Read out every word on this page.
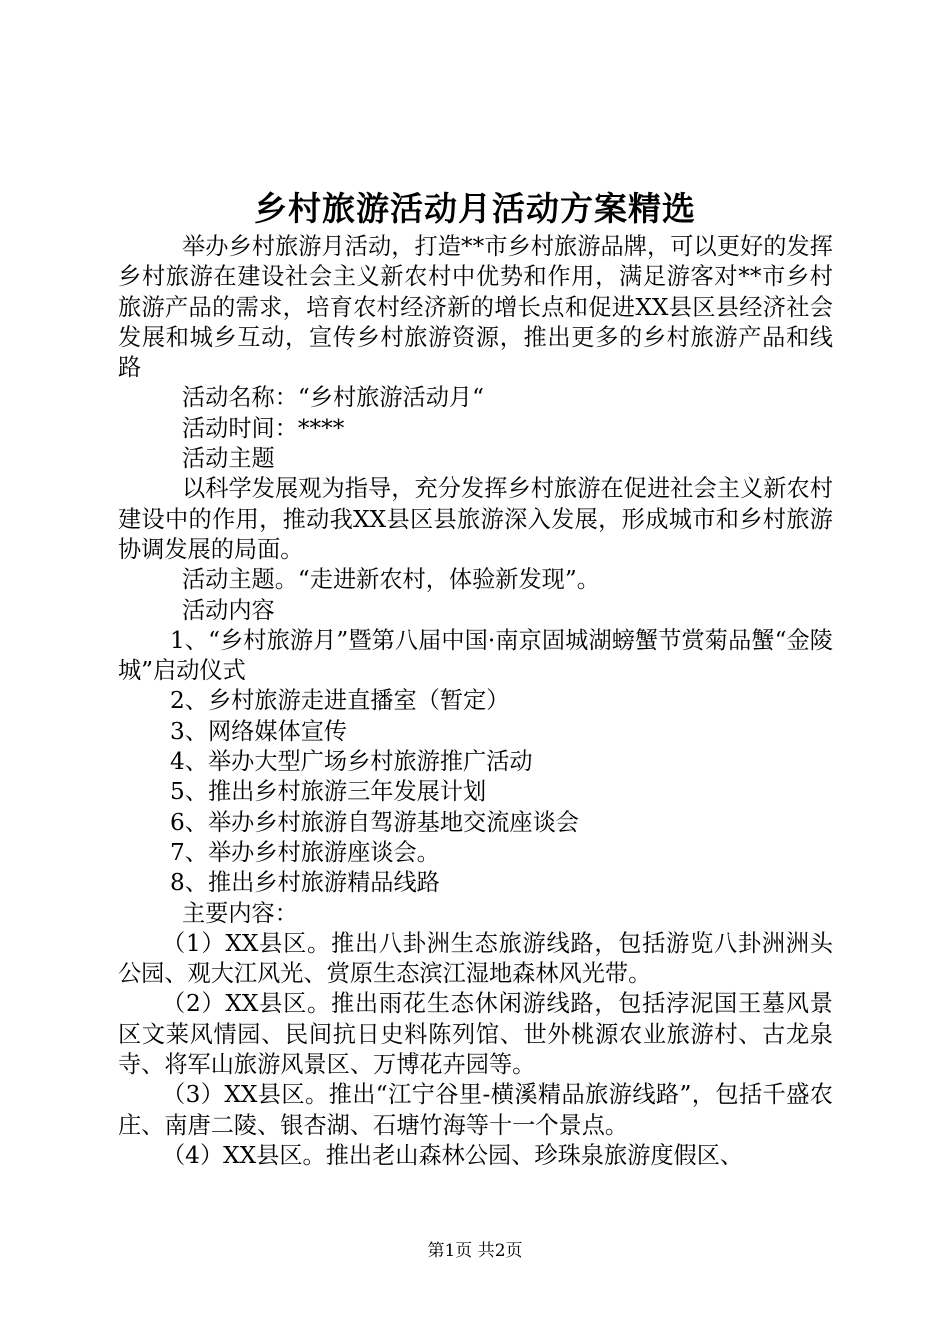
乡村旅游活动月活动方案精选

举办乡村旅游月活动，打造**市乡村旅游品牌，可以更好的发挥乡村旅游在建设社会主义新农村中优势和作用，满足游客对**市乡村旅游产品的需求，培育农村经济新的增长点和促进XX县区县经济社会发展和城乡互动，宣传乡村旅游资源，推出更多的乡村旅游产品和线路

活动名称：“乡村旅游活动月“

活动时间：****

活动主题

以科学发展观为指导，充分发挥乡村旅游在促进社会主义新农村建设中的作用，推动我XX县区县旅游深入发展，形成城市和乡村旅游协调发展的局面。

活动主题。“走进新农村，体验新发现”。

活动内容

1、“乡村旅游月”暨第八届中国·南京固城湖螃蟹节赏菊品蟹“金陵城”启动仪式

2、乡村旅游走进直播室（暂定）

3、网络媒体宣传

4、举办大型广场乡村旅游推广活动

5、推出乡村旅游三年发展计划

6、举办乡村旅游自驾游基地交流座谈会

7、举办乡村旅游座谈会。

8、推出乡村旅游精品线路

主要内容：

（1）XX县区。推出八卦洲生态旅游线路，包括游览八卦洲洲头公园、观大江风光、赏原生态滨江湿地森林风光带。

（2）XX县区。推出雨花生态休闲游线路，包括浡泥国王墓风景区文莱风情园、民间抗日史料陈列馆、世外桃源农业旅游村、古龙泉寺、将军山旅游风景区、万博花卉园等。

（3）XX县区。推出“江宁谷里-横溪精品旅游线路”，包括千盛农庄、南唐二陵、银杏湖、石塘竹海等十一个景点。

（4）XX县区。推出老山森林公园、珍珠泉旅游度假区、

第1页 共2页
